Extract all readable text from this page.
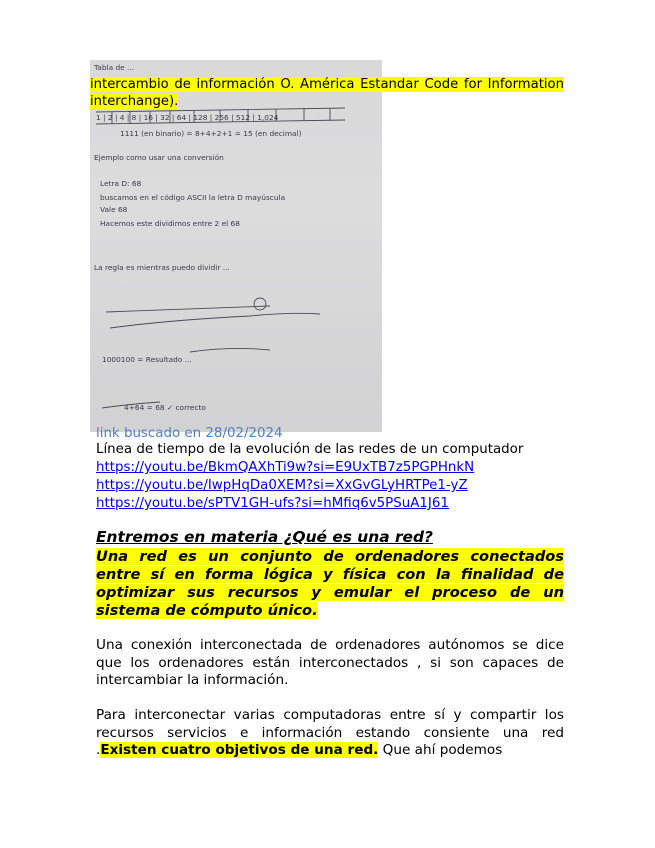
Tabla de ...
1 | 2 | 4 | 8 | 16 | 32 | 64 | 128 | 256 | 512 | 1,024
1111 (en binario) = 8+4+2+1 = 15 (en decimal)
Ejemplo como usar una conversión
Letra D: 68
buscamos en el código ASCII la letra D mayúscula
Vale 68
Hacemos este dividimos entre 2 el 68
La regla es mientras puedo dividir ...
1000100 = Resultado ...
4+64 = 68 ✓ correcto
intercambio de información O. América Estandar Code for Information interchange).
link buscado en 28/02/2024
Línea de tiempo de la evolución de las redes de un computador
https://youtu.be/BkmQAXhTi9w?si=E9UxTB7z5PGPHnkN
https://youtu.be/IwpHqDa0XEM?si=XxGvGLyHRTPe1-yZ
https://youtu.be/sPTV1GH-ufs?si=hMfiq6v5PSuA1J61
Entremos en materia ¿Qué es una red?
Una red es un conjunto de ordenadores conectados entre sí en forma lógica y física con la finalidad de optimizar sus recursos y emular el proceso de un sistema de cómputo único.
Una conexión interconectada de ordenadores autónomos se dice que los ordenadores están interconectados , si son capaces de intercambiar la información.
Para interconectar varias computadoras entre sí y compartir los recursos servicios e información estando consiente una red .Existen cuatro objetivos de una red. Que ahí podemos
